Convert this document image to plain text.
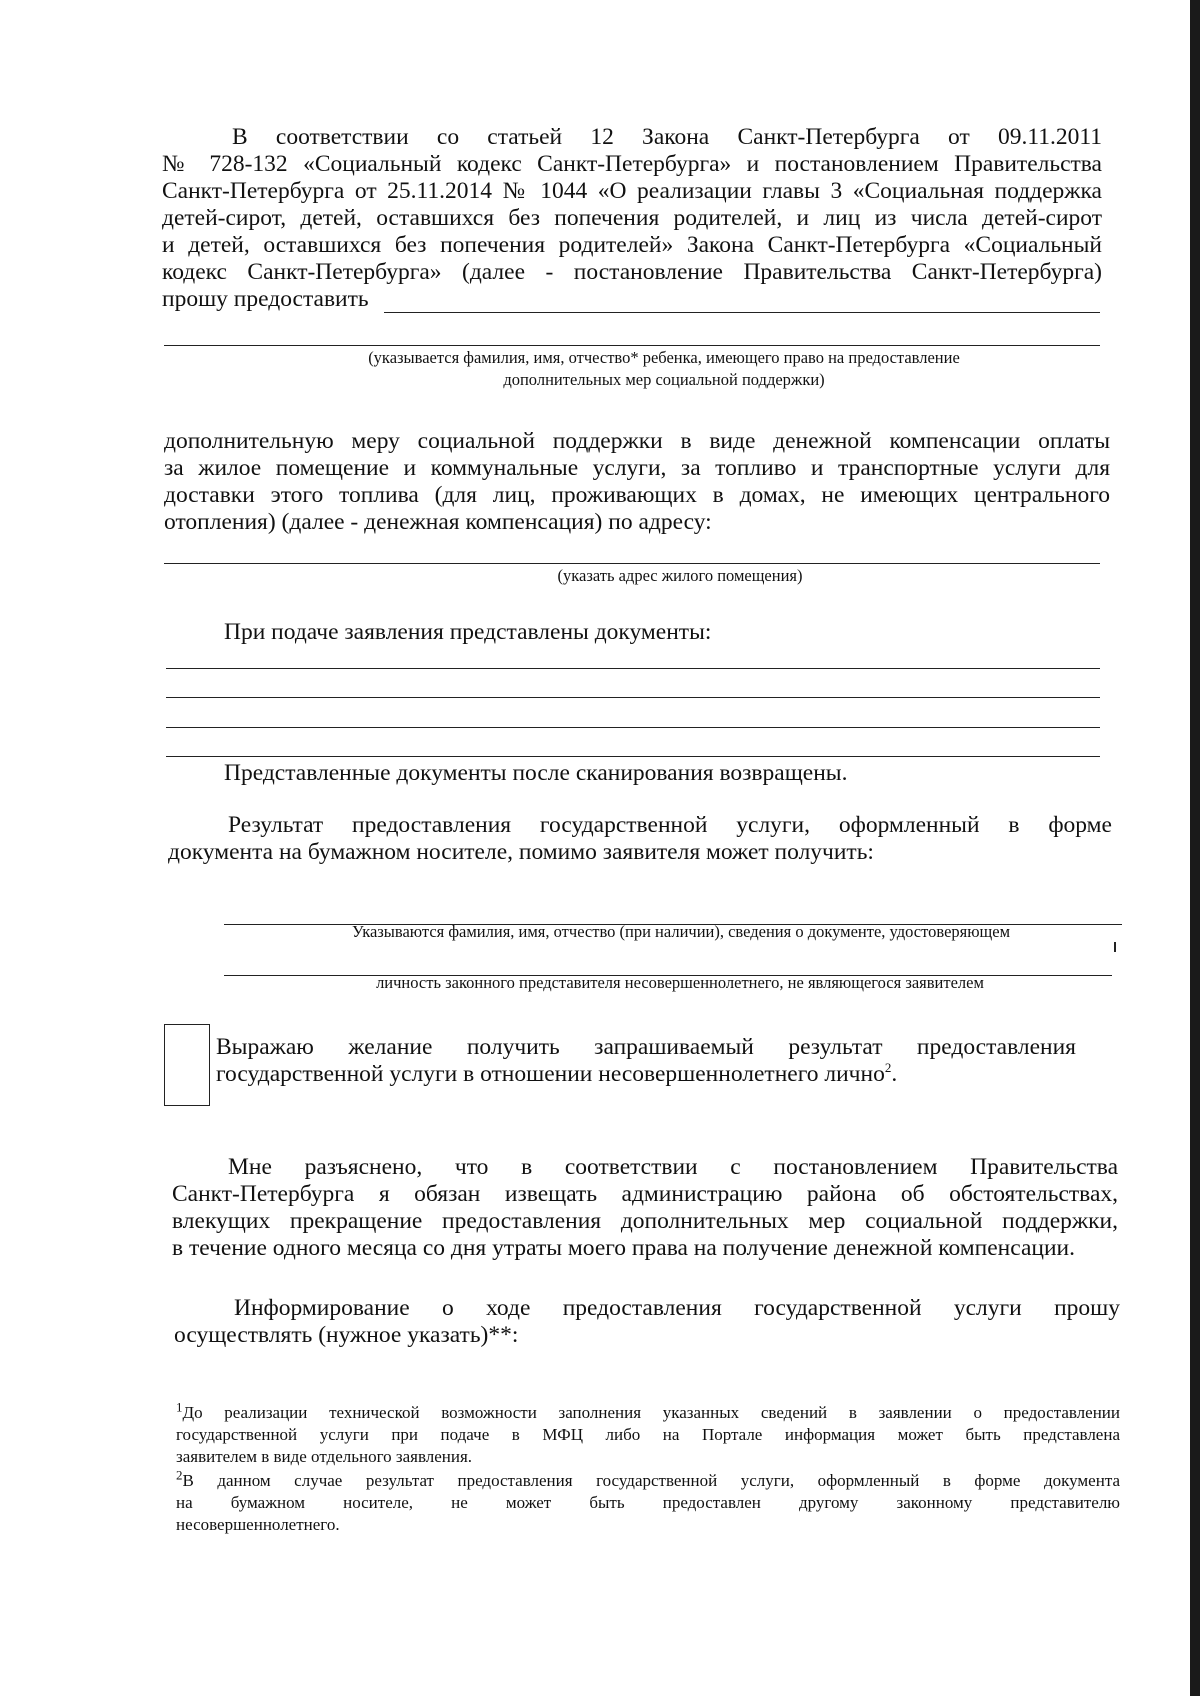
В соответствии со статьей 12 Закона Санкт-Петербурга от 09.11.2011
№ 728-132 «Социальный кодекс Санкт-Петербурга» и постановлением Правительства
Санкт-Петербурга от 25.11.2014 № 1044 «О реализации главы 3 «Социальная поддержка
детей-сирот, детей, оставшихся без попечения родителей, и лиц из числа детей-сирот
и детей, оставшихся без попечения родителей» Закона Санкт-Петербурга «Социальный
кодекс Санкт-Петербурга» (далее - постановление Правительства Санкт-Петербурга)
прошу предоставить
(указывается фамилия, имя, отчество* ребенка, имеющего право на предоставление
дополнительных мер социальной поддержки)
дополнительную меру социальной поддержки в виде денежной компенсации оплаты
за жилое помещение и коммунальные услуги, за топливо и транспортные услуги для
доставки этого топлива (для лиц, проживающих в домах, не имеющих центрального
отопления) (далее - денежная компенсация) по адресу:
(указать адрес жилого помещения)
При подаче заявления представлены документы:
Представленные документы после сканирования возвращены.
Результат предоставления государственной услуги, оформленный в форме
документа на бумажном носителе, помимо заявителя может получить:
Указываются фамилия, имя, отчество (при наличии), сведения о документе, удостоверяющем
личность законного представителя несовершеннолетнего, не являющегося заявителем
Выражаю желание получить запрашиваемый результат предоставления
государственной услуги в отношении несовершеннолетнего лично$^2$.
Мне разъяснено, что в соответствии с постановлением Правительства
Санкт-Петербурга я обязан извещать администрацию района об обстоятельствах,
влекущих прекращение предоставления дополнительных мер социальной поддержки,
в течение одного месяца со дня утраты моего права на получение денежной компенсации.
Информирование о ходе предоставления государственной услуги прошу
осуществлять (нужное указать)**:
$^1$До реализации технической возможности заполнения указанных сведений в заявлении о предоставлении
государственной услуги при подаче в МФЦ либо на Портале информация может быть представлена
заявителем в виде отдельного заявления.
$^2$В данном случае результат предоставления государственной услуги, оформленный в форме документа
на бумажном носителе, не может быть предоставлен другому законному представителю
несовершеннолетнего.
